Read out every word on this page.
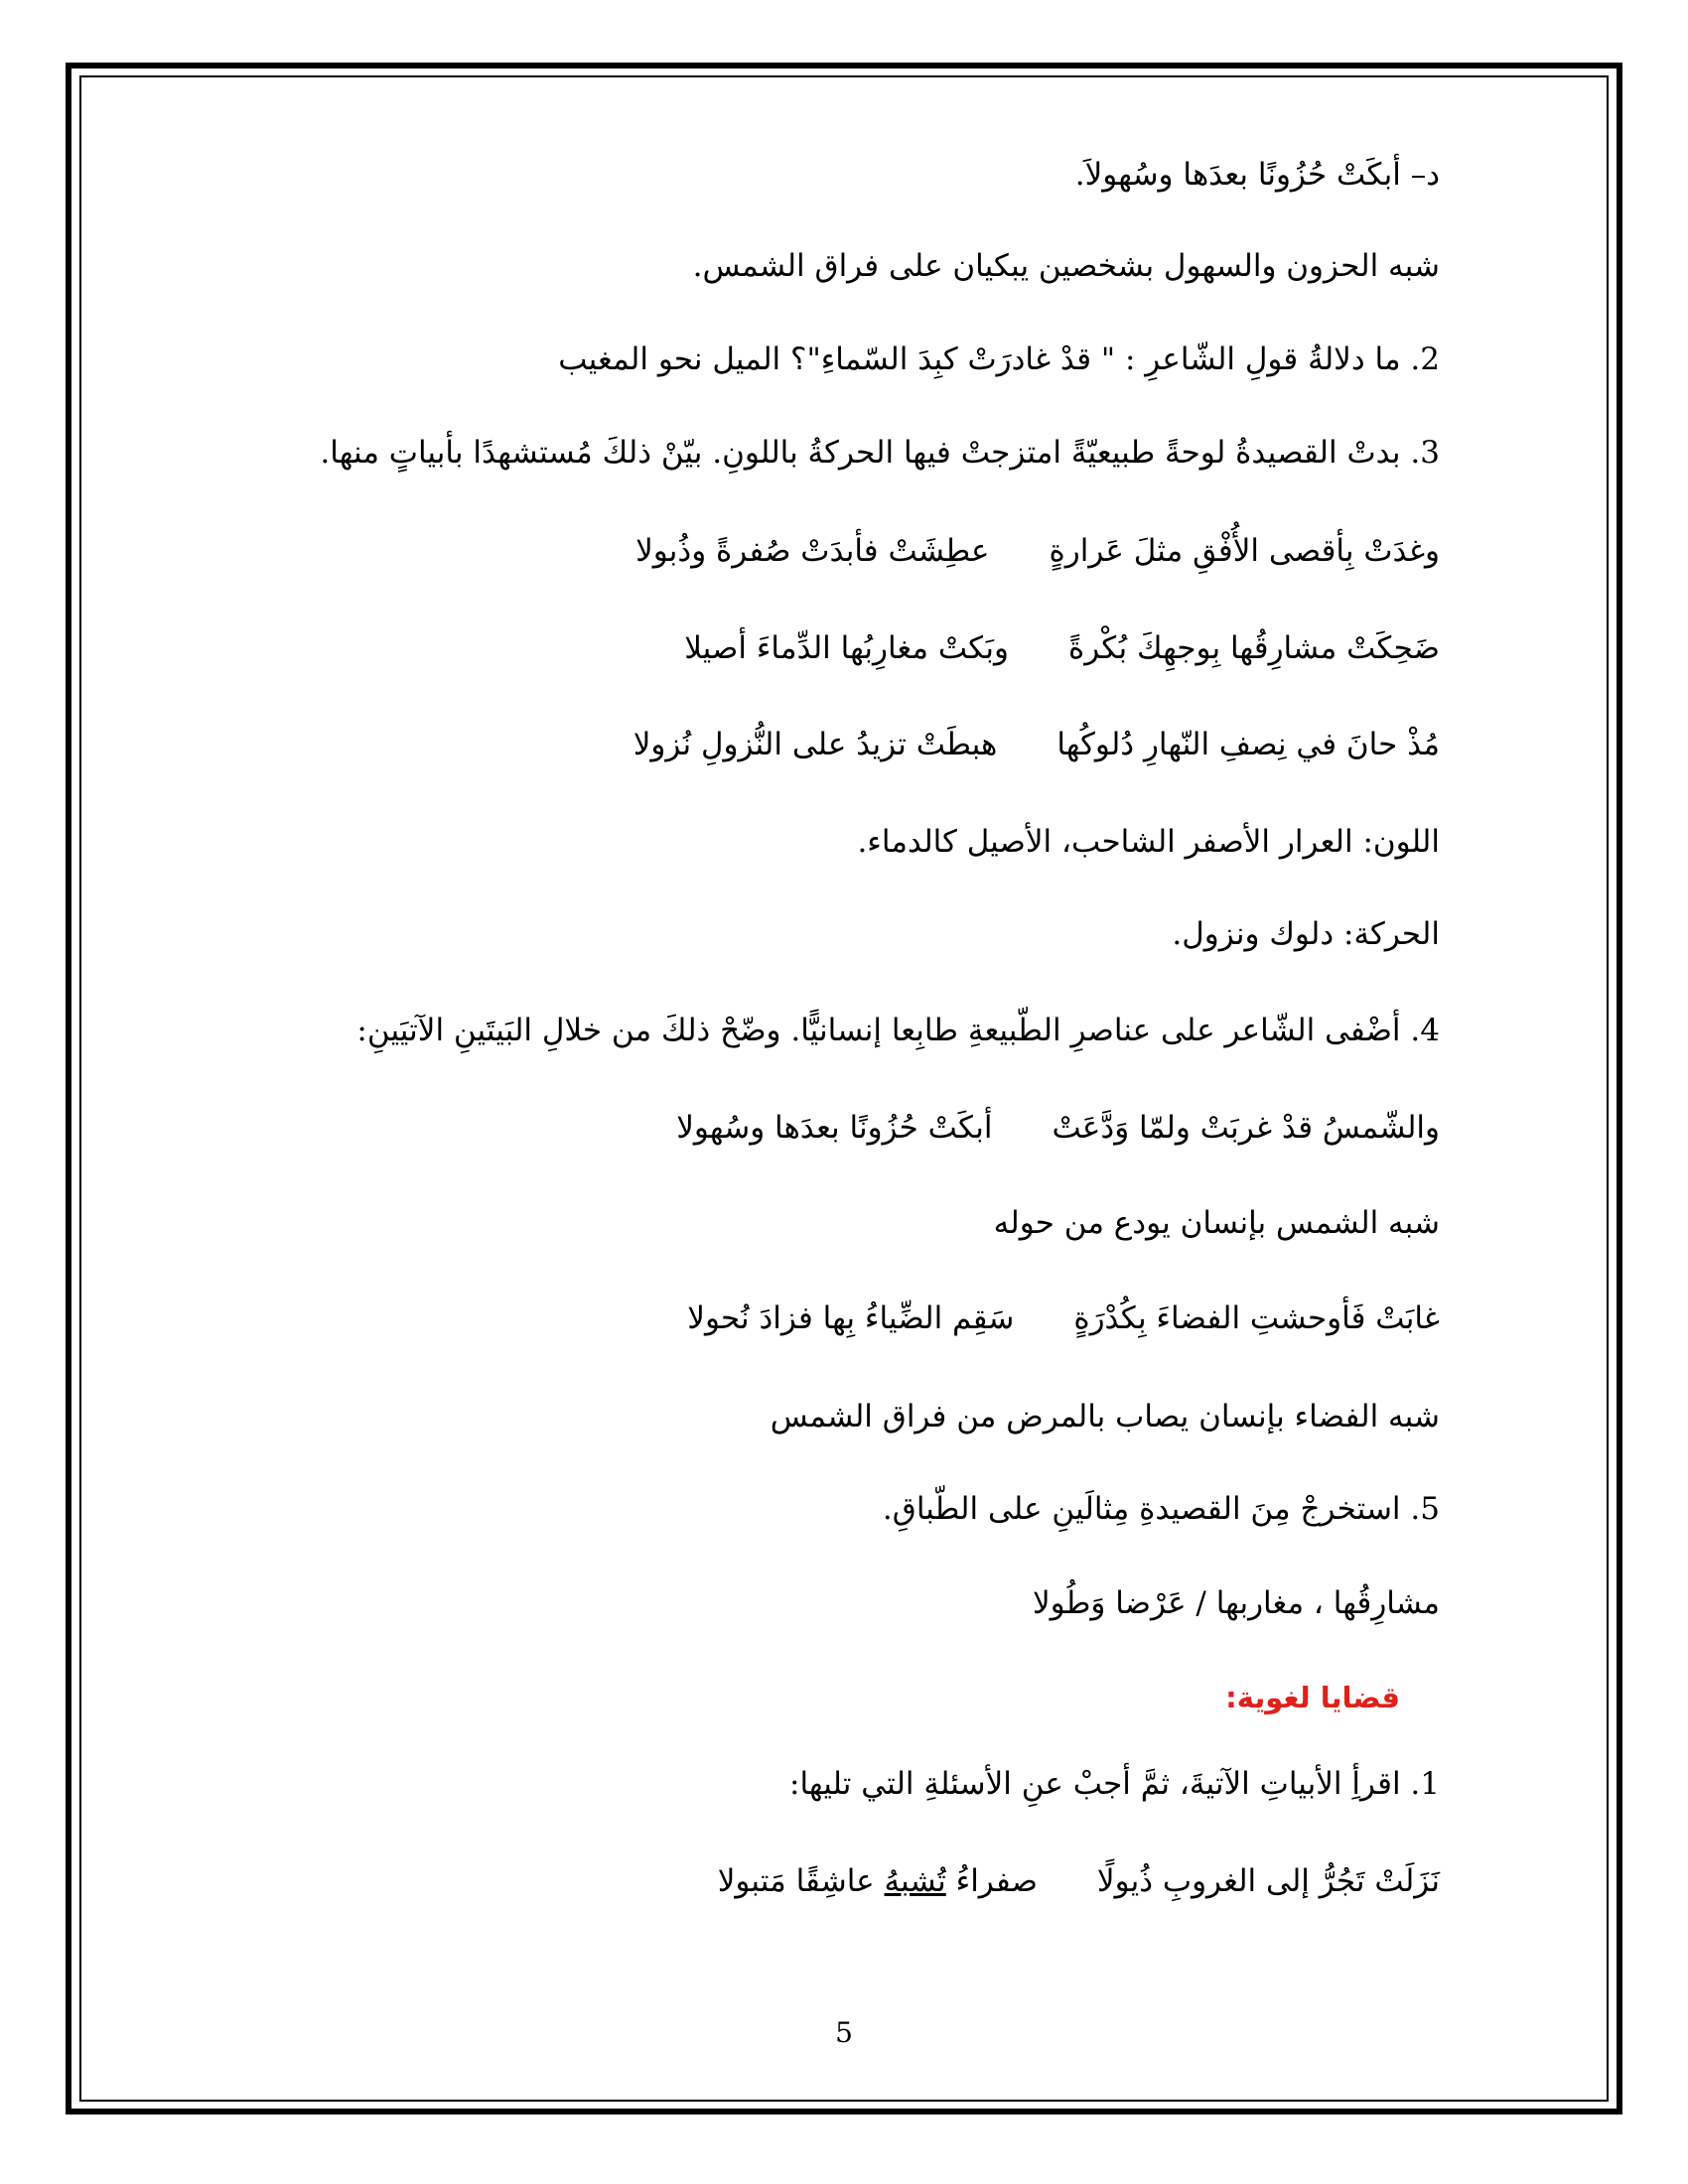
د– أبكَتْ حُزُونًا بعدَها وسُهولاَ.
شبه الحزون والسهول بشخصين يبكيان على فراق الشمس.
2. ما دلالةُ قولِ الشّاعرِ : " قدْ غادرَتْ كبِدَ السّماءِ"؟ الميل نحو المغيب
3. بدتْ القصيدةُ لوحةً طبيعيّةً امتزجتْ فيها الحركةُ باللونِ. بيّنْ ذلكَ مُستشهدًا بأبياتٍ منها.
وغدَتْ بِأقصى الأُفْقِ مثلَ عَرارةٍعطِشَتْ فأبدَتْ صُفرةً وذُبولا
ضَحِكَتْ مشارِقُها بِوجهِكَ بُكْرةًوبَكتْ مغارِبُها الدِّماءَ أصيلا
مُذْ حانَ في نِصفِ النّهارِ دُلوكُهاهبطَتْ تزيدُ على النُّزولِ نُزولا
اللون: العرار الأصفر الشاحب، الأصيل كالدماء.
الحركة: دلوك ونزول.
4. أضْفى الشّاعر على عناصرِ الطّبيعةِ طابِعا إنسانيًّا. وضّحْ ذلكَ من خلالِ البَيتَينِ الآتيَينِ:
والشّمسُ قدْ غربَتْ ولمّا وَدَّعَتْأبكَتْ حُزُونًا بعدَها وسُهولا
شبه الشمس بإنسان يودع من حوله
غابَتْ فَأوحشتِ الفضاءَ بِكُدْرَةٍسَقِم الضِّياءُ بِها فزادَ نُحولا
شبه الفضاء بإنسان يصاب بالمرض من فراق الشمس
5. استخرجْ مِنَ القصيدةِ مِثالَينِ على الطّباقِ.
مشارِقُها ، مغاربها / عَرْضا وَطُولا
قضايا لغوية:
1. اقرأِ الأبياتِ الآتيةَ، ثمَّ أجبْ عنِ الأسئلةِ التي تليها:
نَزَلَتْ تَجُرُّ إلى الغروبِ ذُيولًاصفراءُ تُشبهُ عاشِقًا مَتبولا
5
